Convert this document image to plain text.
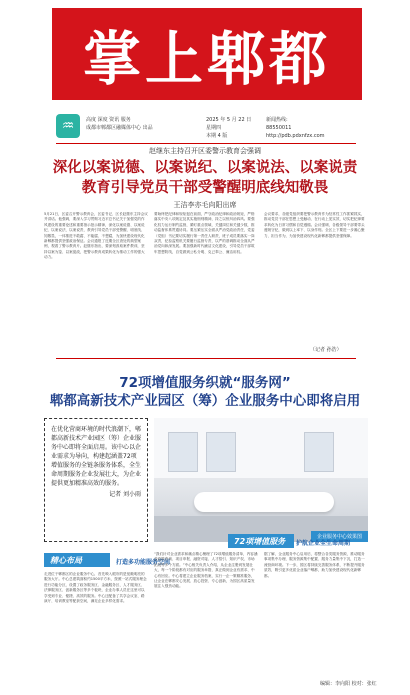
掌上郫都
♒	高度 深度 资讯 服务
成都市郫都区融媒体中心 出品
2025 年 5 月 22 日
星期四
本期 4 版
新闻热线:
88550011
http://pdb.pdxnfzx.com
赵继东主持召开区委警示教育会强调
深化以案说德、以案说纪、以案说法、以案说责
教育引导党员干部受警醒明底线知敬畏
王洁李亦毛向阳出席
5月21日，区委召开警示教育会，区委书记、区长赵继东主持会议并讲话。他强调，要深入学习贯彻习近平总书记关于加强党的作风建设的重要论述和重要指示批示精神，深化以案说德、以案说纪、以案说法、以案说责，教育引导党员干部受警醒、明底线、知敬畏，一体推进不敢腐、不能腐、不想腐，为加快建设现代化新郫都提供坚强政治保证。会议通报了近期全区查处的典型案例，观看了警示教育片。赵继东指出，要深刻汲取案件教训，坚持以案为鉴、以案促改，把警示教育成果转化为推动工作的强大动力。
要始终把纪律和规矩挺在前面，严守政治纪律和政治规矩，严格落实中央八项规定及其实施细则精神，持之以恒纠治四风。要强化权力运行制约监督，紧盯重点领域、关键岗位和关键少数，推动监督体系贯通协同。要压紧压实全面从严治党政治责任，党委（党组）书记要切实履行第一责任人职责，班子成员要落实一岗双责，纪检监察机关要履行监督专责，以严的基调推动全面从严治党向纵深发展。要加强新时代廉洁文化建设，引导党员干部筑牢思想防线，自觉做到公私分明、克己奉公、廉洁用权。
会议要求，各级党组织要把警示教育作为经常性工作抓紧抓实，推动党员干部在思想上受触动、在行动上见实效，切实把纪律要求转化为日常习惯和自觉遵循。会议强调，各级领导干部要带头遵规守纪，做到以上率下、以身作则。全区上下要进一步凝心聚力、担当作为，为加快建设现代化新郫都提供坚强保障。
（记者 孙浩）
72项增值服务织就“服务网”
郫都高新技术产业园区（筹）企业服务中心即将启用
在优化营商环境的时代浪潮下，郫都高新技术产业园区（筹）企业服务中心即将全面启用。该中心以企业需求为导向，构建起涵盖72项增值服务的全链条服务体系，全生命周期服务企业发展壮大，为企业提供更加精准高效的服务。
记者 刘小雨
企业服务中心效果图
精心布局	打造多功能服务空间
72项增值服务	护航企业全生命周期
走进位于郫都区的企业服务中心，首先映入眼帘的是宽敞明亮的服务大厅。中心总建筑面积约1500平方米，按照一站式服务理念进行功能分区，设置了政务服务区、金融服务区、人才服务区、法律服务区、创新服务区等多个板块，企业办事人员在这里可以享受到专业、便捷、高效的服务。中心还配备了共享会议室、路演厅、培训教室等配套空间，满足企业多样化需求。
“我们针对企业需求和痛点精心梳理了72项增值服务清单，内容涵盖政策咨询、项目申报、融资对接、人才招引、知识产权、市场拓展等多个方面。”中心相关负责人介绍，从企业注册到发展壮大，每一个阶段都有对应的服务举措，真正做到企业有需求、中心有回应。中心将建立企业服务档案，实行一企一策精准服务，让企业在郫都安心发展、放心投资、专心创新，为园区高质量发展注入强劲动能。
据了解，企业服务中心启用后，将整合各类服务资源，推动服务事项集中办理、服务资源集中配置、服务力量集中下沉，打造一流营商环境。下一步，园区将持续完善服务体系，不断提升服务质效，吸引更多优质企业落户郫都，助力加快建设现代化新郫都。
编辑：李向阳 校对：张红
